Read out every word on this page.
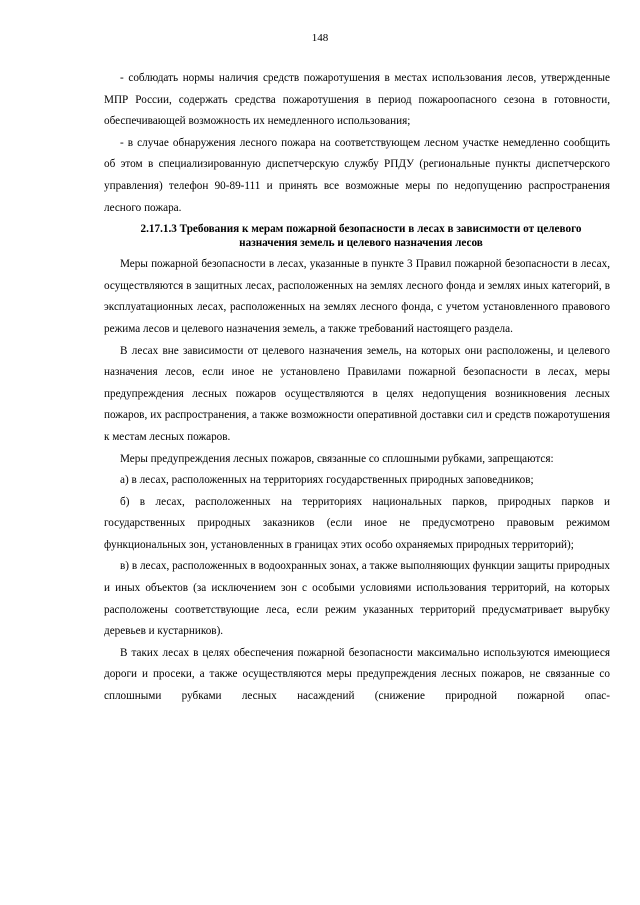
148

- соблюдать нормы наличия средств пожаротушения в местах использования лесов, утвержденные МПР России, содержать средства пожаротушения в период пожароопасного сезона в готовности, обеспечивающей возможность их немедленного использования;

- в случае обнаружения лесного пожара на соответствующем лесном участке немедленно сообщить об этом в специализированную диспетчерскую службу РПДУ (региональные пункты диспетчерского управления) телефон 90-89-111 и принять все возможные меры по недопущению распространения лесного пожара.

2.17.1.3 Требования к мерам пожарной безопасности в лесах в зависимости от целевого назначения земель и целевого назначения лесов

Меры пожарной безопасности в лесах, указанные в пункте 3 Правил пожарной безопасности в лесах, осуществляются в защитных лесах, расположенных на землях лесного фонда и землях иных категорий, в эксплуатационных лесах, расположенных на землях лесного фонда, с учетом установленного правового режима лесов и целевого назначения земель, а также требований настоящего раздела.

В лесах вне зависимости от целевого назначения земель, на которых они расположены, и целевого назначения лесов, если иное не установлено Правилами пожарной безопасности в лесах, меры предупреждения лесных пожаров осуществляются в целях недопущения возникновения лесных пожаров, их распространения, а также возможности оперативной доставки сил и средств пожаротушения к местам лесных пожаров.

Меры предупреждения лесных пожаров, связанные со сплошными рубками, запрещаются:

а) в лесах, расположенных на территориях государственных природных заповедников;

б) в лесах, расположенных на территориях национальных парков, природных парков и государственных природных заказников (если иное не предусмотрено правовым режимом функциональных зон, установленных в границах этих особо охраняемых природных территорий);

в) в лесах, расположенных в водоохранных зонах, а также выполняющих функции защиты природных и иных объектов (за исключением зон с особыми условиями использования территорий, на которых расположены соответствующие леса, если режим указанных территорий предусматривает вырубку деревьев и кустарников).

В таких лесах в целях обеспечения пожарной безопасности максимально используются имеющиеся дороги и просеки, а также осуществляются меры предупреждения лесных пожаров, не связанные со сплошными рубками лесных насаждений (снижение природной пожарной опас-
